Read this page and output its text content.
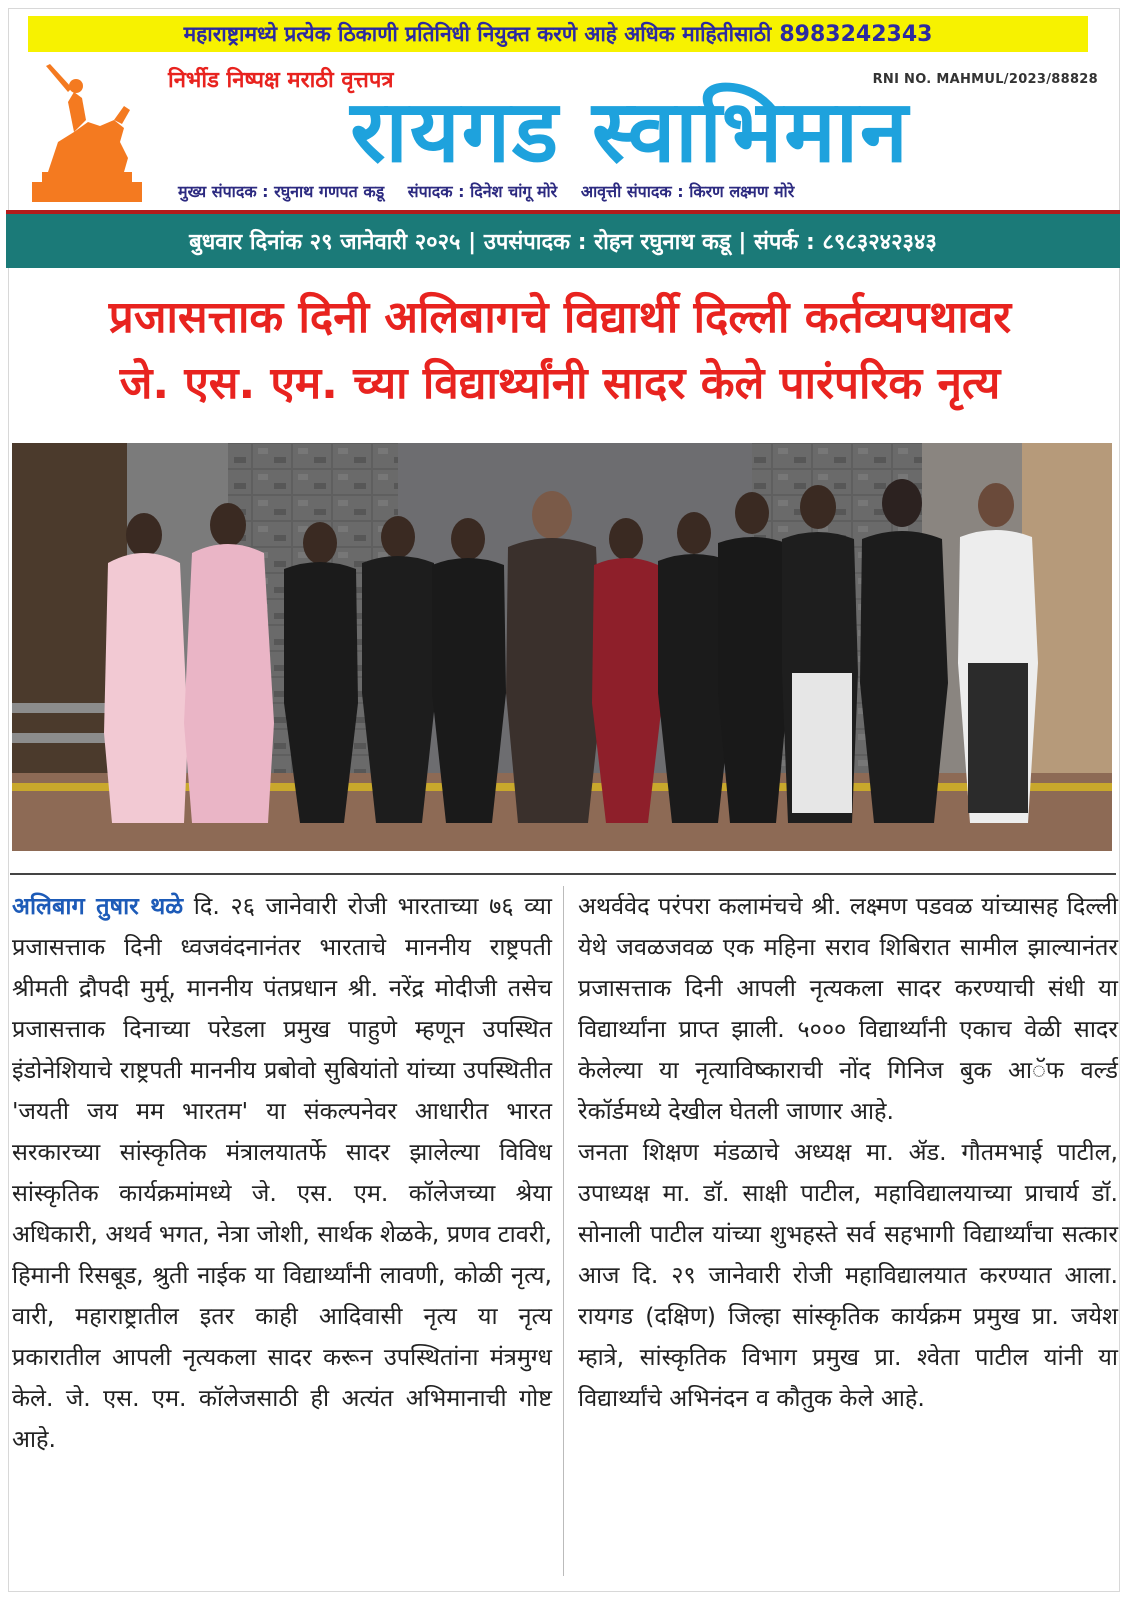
महाराष्ट्रामध्ये प्रत्येक ठिकाणी प्रतिनिधी नियुक्त करणे आहे अधिक माहितीसाठी 8983242343
निर्भीड निष्पक्ष मराठी वृत्तपत्र	RNI NO. MAHMUL/2023/88828
रायगड स्वाभिमान
मुख्य संपादक : रघुनाथ गणपत कडू संपादक : दिनेश चांगू मोरे आवृत्ती संपादक : किरण लक्ष्मण मोरे
बुधवार दिनांक २९ जानेवारी २०२५ | उपसंपादक : रोहन रघुनाथ कडू | संपर्क : ८९८३२४२३४३
प्रजासत्ताक दिनी अलिबागचे विद्यार्थी दिल्ली कर्तव्यपथावर
जे. एस. एम. च्या विद्यार्थ्यांनी सादर केले पारंपरिक नृत्य

अलिबाग तुषार थळे दि. २६ जानेवारी रोजी भारताच्या ७६ व्या प्रजासत्ताक दिनी ध्वजवंदनानंतर भारताचे माननीय राष्ट्रपती श्रीमती द्रौपदी मुर्मू, माननीय पंतप्रधान श्री. नरेंद्र मोदीजी तसेच प्रजासत्ताक दिनाच्या परेडला प्रमुख पाहुणे म्हणून उपस्थित इंडोनेशियाचे राष्ट्रपती माननीय प्रबोवो सुबियांतो यांच्या उपस्थितीत 'जयती जय मम भारतम' या संकल्पनेवर आधारीत भारत सरकारच्या सांस्कृतिक मंत्रालयातर्फे सादर झालेल्या विविध सांस्कृतिक कार्यक्रमांमध्ये जे. एस. एम. कॉलेजच्या श्रेया अधिकारी, अथर्व भगत, नेत्रा जोशी, सार्थक शेळके, प्रणव टावरी, हिमानी रिसबूड, श्रुती नाईक या विद्यार्थ्यांनी लावणी, कोळी नृत्य, वारी, महाराष्ट्रातील इतर काही आदिवासी नृत्य या नृत्य प्रकारातील आपली नृत्यकला सादर करून उपस्थितांना मंत्रमुग्ध केले. जे. एस. एम. कॉलेजसाठी ही अत्यंत अभिमानाची गोष्ट आहे.

अथर्ववेद परंपरा कलामंचचे श्री. लक्ष्मण पडवळ यांच्यासह दिल्ली येथे जवळजवळ एक महिना सराव शिबिरात सामील झाल्यानंतर प्रजासत्ताक दिनी आपली नृत्यकला सादर करण्याची संधी या विद्यार्थ्यांना प्राप्त झाली. ५००० विद्यार्थ्यांनी एकाच वेळी सादर केलेल्या या नृत्याविष्काराची नोंद गिनिज बुक आॅफ वर्ल्ड रेकॉर्डमध्ये देखील घेतली जाणार आहे.

जनता शिक्षण मंडळाचे अध्यक्ष मा. ॲड. गौतमभाई पाटील, उपाध्यक्ष मा. डॉ. साक्षी पाटील, महाविद्यालयाच्या प्राचार्य डॉ. सोनाली पाटील यांच्या शुभहस्ते सर्व सहभागी विद्यार्थ्यांचा सत्कार आज दि. २९ जानेवारी रोजी महाविद्यालयात करण्यात आला. रायगड (दक्षिण) जिल्हा सांस्कृतिक कार्यक्रम प्रमुख प्रा. जयेश म्हात्रे, सांस्कृतिक विभाग प्रमुख प्रा. श्वेता पाटील यांनी या विद्यार्थ्यांचे अभिनंदन व कौतुक केले आहे.
